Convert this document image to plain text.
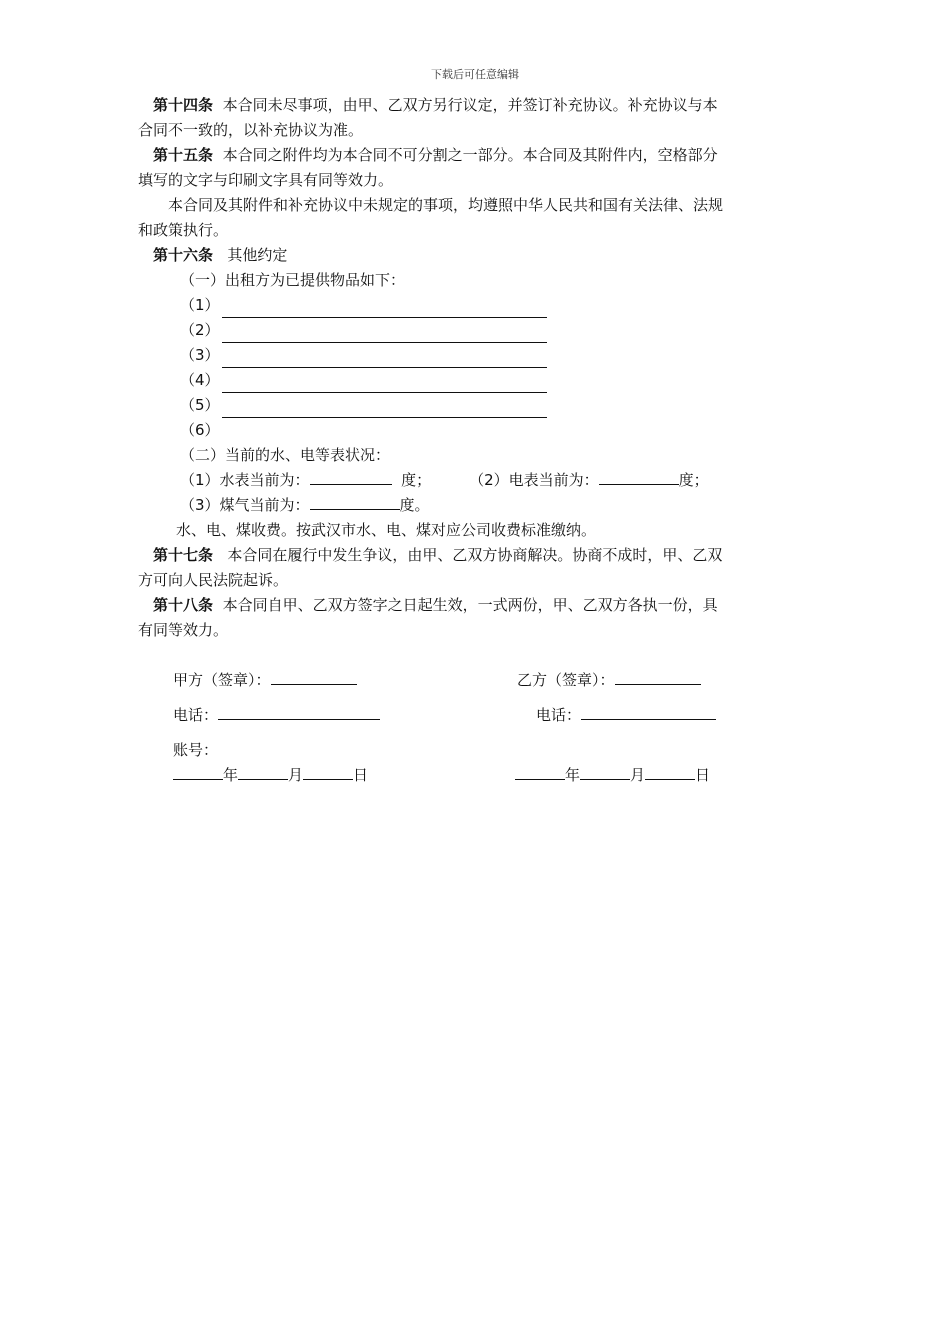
下载后可任意编辑

第十四条 本合同未尽事项，由甲、乙双方另行议定，并签订补充协议。补充协议与本

合同不一致的，以补充协议为准。

第十五条 本合同之附件均为本合同不可分割之一部分。本合同及其附件内，空格部分

填写的文字与印刷文字具有同等效力。

本合同及其附件和补充协议中未规定的事项，均遵照中华人民共和国有关法律、法规

和政策执行。

第十六条 其他约定

（一）出租方为已提供物品如下：

（1）
（2）
（3）
（4）
（5）

（6）

（二）当前的水、电等表状况：

（1）水表当前为：	度；	（2）电表当前为：	度；

（3）煤气当前为：	度。

水、电、煤收费。按武汉市水、电、煤对应公司收费标准缴纳。

第十七条 本合同在履行中发生争议，由甲、乙双方协商解决。协商不成时，甲、乙双

方可向人民法院起诉。

第十八条 本合同自甲、乙双方签字之日起生效，一式两份，甲、乙双方各执一份，具

有同等效力。

甲方（签章）：	乙方（签章）：
电话：	电话：
账号：
年	月	日	年	月	日
